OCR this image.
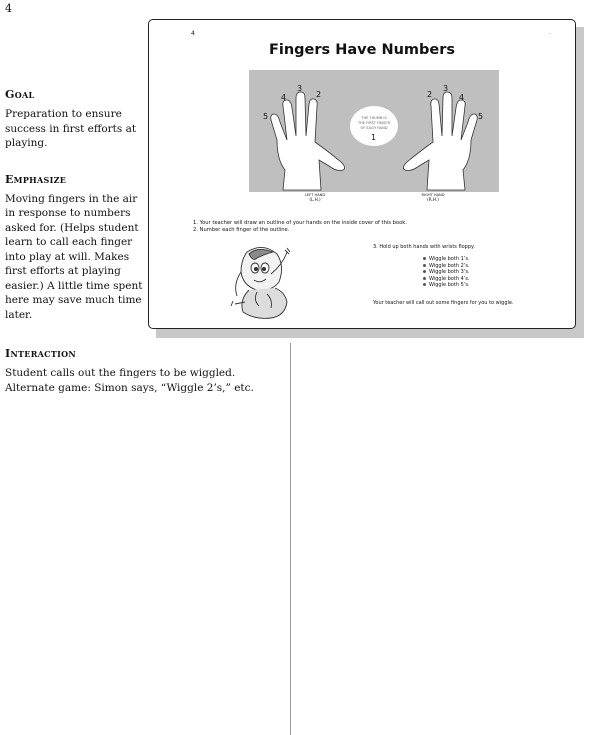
4
Goal
Preparation to ensure success in first efforts at playing.
Emphasize
Moving fingers in the air in response to numbers asked for. (Helps student learn to call each finger into play at will. Makes first efforts at playing easier.) A little time spent here may save much time later.
Interaction
Student calls out the fingers to be wiggled. Alternate game: Simon says, “Wiggle 2’s,” etc.
4	·
Fingers Have Numbers
THE THUMB IS
THE FIRST FINGER
OF EACH HAND
5
4
3
2
1
2
3
4
5
LEFT HAND
(L.H.)
RIGHT HAND
(R.H.)
1. Your teacher will draw an outline of your hands on the inside cover of this book.
2. Number each finger of the outline.
3. Hold up both hands with wrists floppy.
Wiggle both 1’s.
Wiggle both 2’s.
Wiggle both 3’s.
Wiggle both 4’s.
Wiggle both 5’s.
Your teacher will call out some fingers for you to wiggle.
